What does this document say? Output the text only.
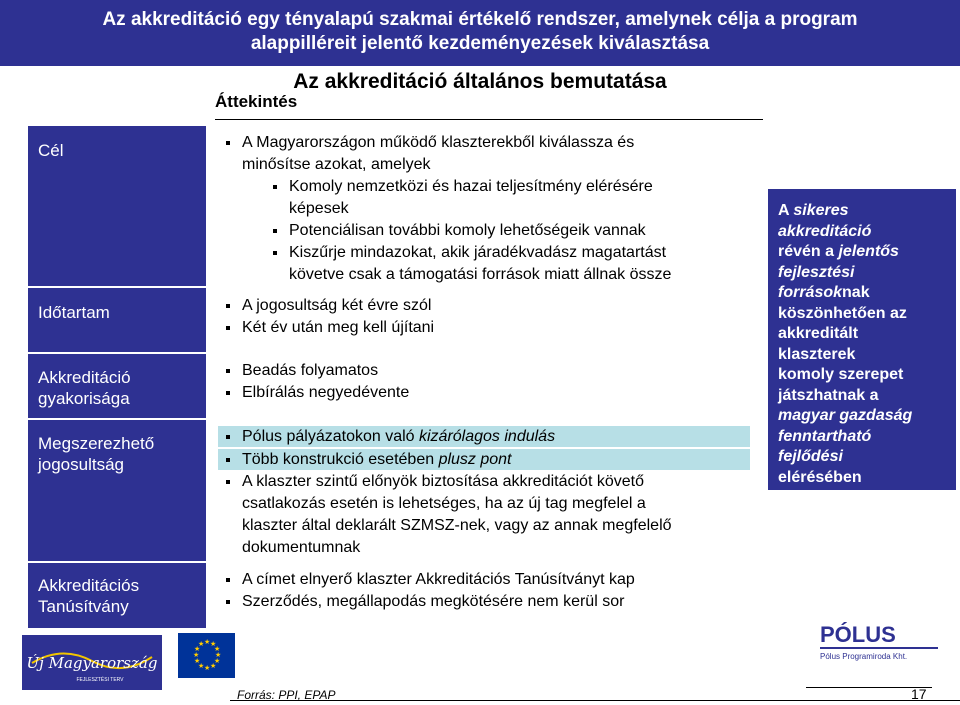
Az akkreditáció egy tényalapú szakmai értékelő rendszer, amelynek célja a program
alappilléreit jelentő kezdeményezések kiválasztása
Az akkreditáció általános bemutatása
Áttekintés
Cél
Időtartam
Akkreditáció gyakorisága
Megszerezhető jogosultság
Akkreditációs Tanúsítvány
A Magyarországon működő klaszterekből kiválassza és
minősítse azokat, amelyek
Komoly nemzetközi és hazai teljesítmény elérésére
képesek
Potenciálisan további komoly lehetőségeik vannak
Kiszűrje mindazokat, akik járadékvadász magatartást
követve csak a támogatási források miatt állnak össze
A jogosultság két évre szól
Két év után meg kell újítani
Beadás folyamatos
Elbírálás negyedévente
Pólus pályázatokon való kizárólagos indulás
Több konstrukció esetében plusz pont
A klaszter szintű előnyök biztosítása akkreditációt követő
csatlakozás esetén is lehetséges, ha az új tag megfelel a
klaszter által deklarált SZMSZ-nek, vagy az annak megfelelő
dokumentumnak
A címet elnyerő klaszter Akkreditációs Tanúsítványt kap
Szerződés, megállapodás megkötésére nem kerül sor
A sikeres
akkreditáció
révén a jelentős
fejlesztési
forrásoknak
köszönhetően az
akkreditált
klaszterek
komoly szerepet
játszhatnak a
magyar gazdaság
fenntartható
fejlődési
elérésében
Új Magyarország
FEJLESZTÉSI TERV
★ ★
★
★
★
★
★
★
★
★
★
★	PÓLUS
Pólus Programiroda Kht.
17
Forrás: PPI, EPAP
